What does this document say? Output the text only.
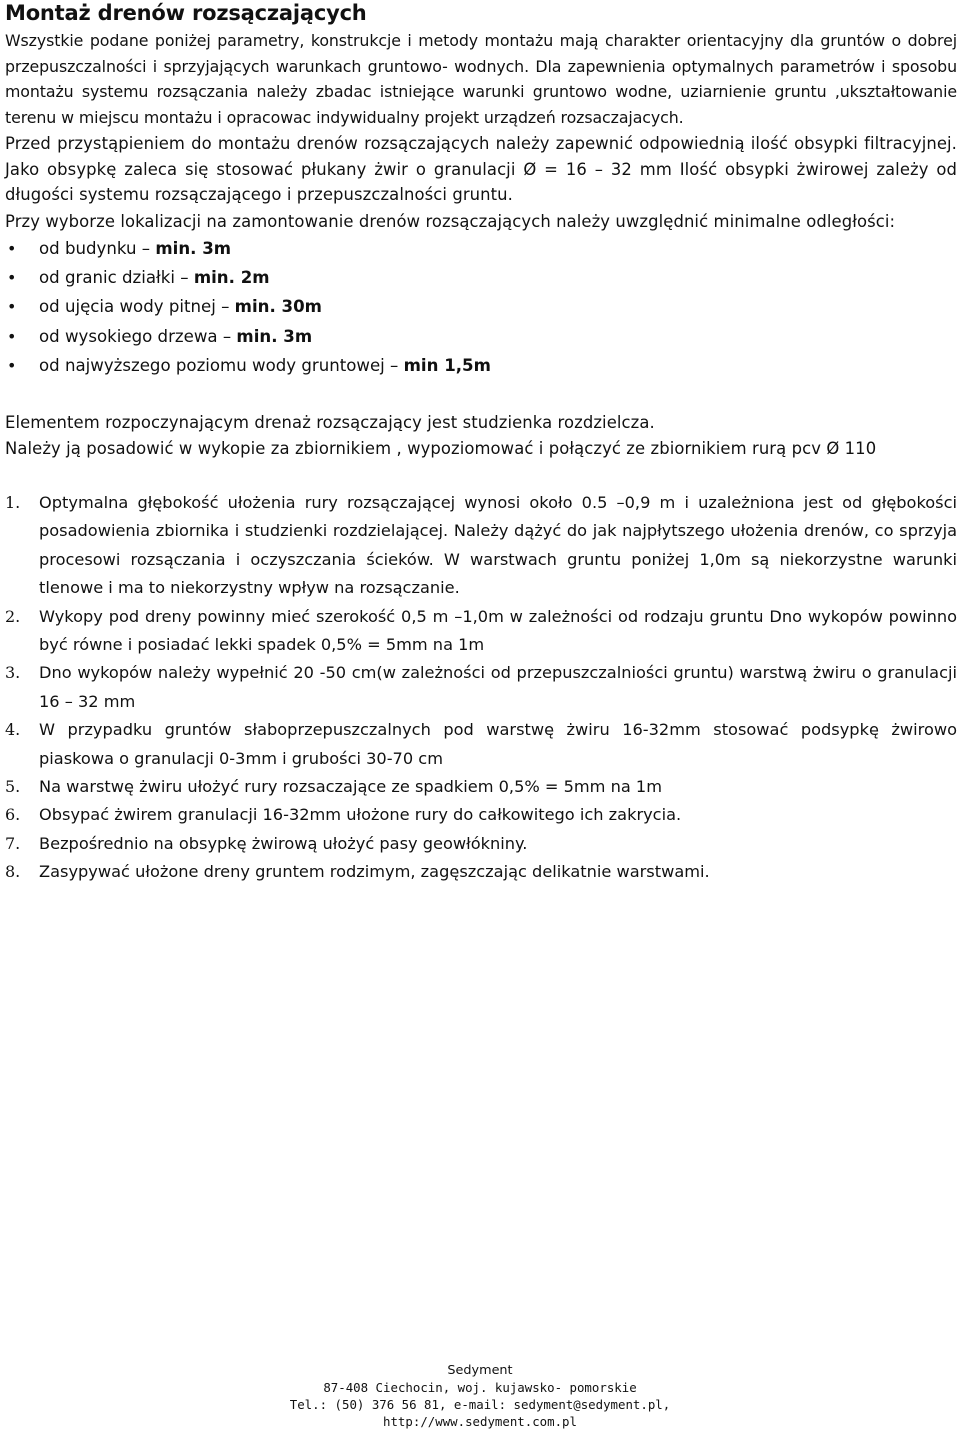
Montaż drenów rozsączających

Wszystkie podane poniżej parametry, konstrukcje i metody montażu mają charakter orientacyjny dla gruntów o dobrej przepuszczalności i sprzyjających warunkach gruntowo- wodnych. Dla zapewnienia optymalnych parametrów i sposobu montażu systemu rozsączania należy zbadac istniejące warunki gruntowo wodne, uziarnienie gruntu ,ukształtowanie terenu w miejscu montażu i opracowac indywidualny projekt urządzeń rozsaczajacych.

Przed przystąpieniem do montażu drenów rozsączających należy zapewnić odpowiednią ilość obsypki filtracyjnej. Jako obsypkę zaleca się stosować płukany żwir o granulacji Ø = 16 – 32 mm Ilość obsypki żwirowej zależy od długości systemu rozsączającego i przepuszczalności gruntu.

Przy wyborze lokalizacji na zamontowanie drenów rozsączających należy uwzględnić minimalne odległości:

• od budynku – min. 3m
• od granic działki – min. 2m
• od ujęcia wody pitnej – min. 30m
• od wysokiego drzewa – min. 3m
• od najwyższego poziomu wody gruntowej – min 1,5m

Elementem rozpoczynającym drenaż rozsączający jest studzienka rozdzielcza.

Należy ją posadowić w wykopie za zbiornikiem , wypoziomować i połączyć ze zbiornikiem rurą pcv Ø 110

1. Optymalna głębokość ułożenia rury rozsączającej wynosi około 0.5 –0,9 m i uzależniona jest od głębokości posadowienia zbiornika i studzienki rozdzielającej. Należy dążyć do jak najpłytszego ułożenia drenów, co sprzyja procesowi rozsączania i oczyszczania ścieków. W warstwach gruntu poniżej 1,0m są niekorzystne warunki tlenowe i ma to niekorzystny wpływ na rozsączanie.
2. Wykopy pod dreny powinny mieć szerokość 0,5 m –1,0m w zależności od rodzaju gruntu Dno wykopów powinno być równe i posiadać lekki spadek 0,5% = 5mm na 1m
3. Dno wykopów należy wypełnić 20 -50 cm(w zależności od przepuszczalniości gruntu) warstwą żwiru o granulacji 16 – 32 mm
4. W przypadku gruntów słaboprzepuszczalnych pod warstwę żwiru 16-32mm stosować podsypkę żwirowo piaskowa o granulacji 0-3mm i grubości 30-70 cm
5. Na warstwę żwiru ułożyć rury rozsaczające ze spadkiem 0,5% = 5mm na 1m
6. Obsypać żwirem granulacji 16-32mm ułożone rury do całkowitego ich zakrycia.
7. Bezpośrednio na obsypkę żwirową ułożyć pasy geowłókniny.
8. Zasypywać ułożone dreny gruntem rodzimym, zagęszczając delikatnie warstwami.
Sedyment
87-408 Ciechocin, woj. kujawsko- pomorskie
Tel.: (50) 376 56 81, e-mail: sedyment@sedyment.pl,
http://www.sedyment.com.pl
